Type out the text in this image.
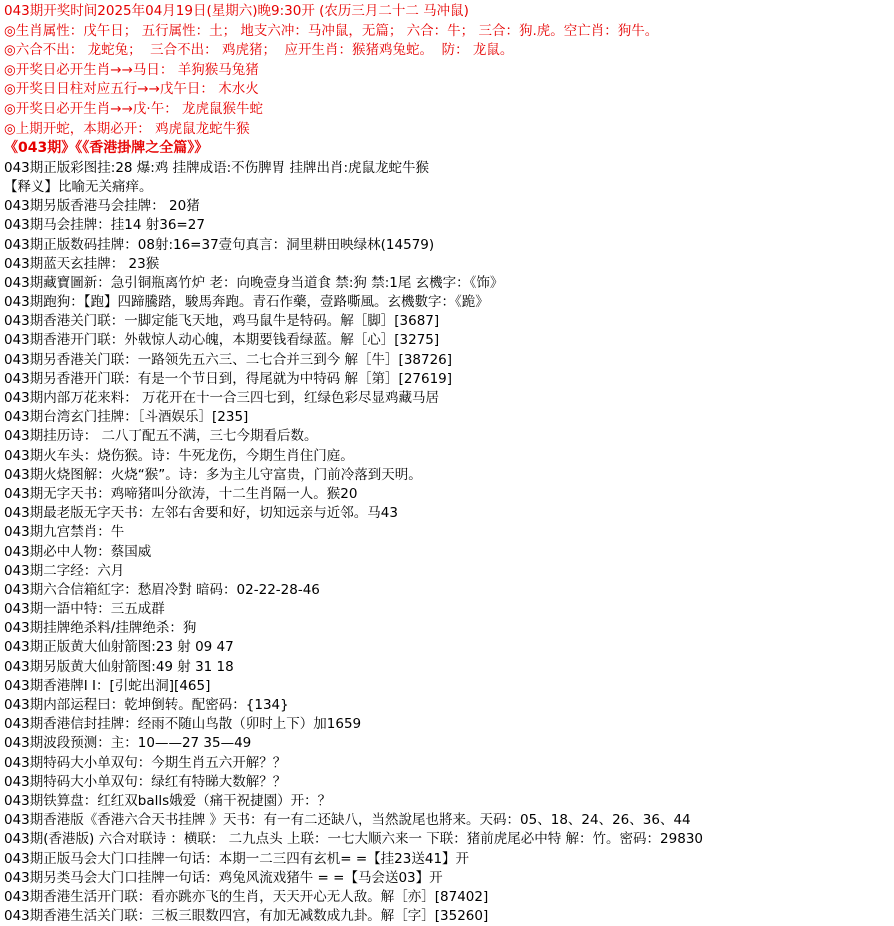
043期开奖时间2025年04月19日(星期六)晚9:30开 (农历三月二十二 马冲鼠)
◎生肖属性：戊午日； 五行属性：土； 地支六冲：马冲鼠，无篇； 六合：牛； 三合：狗.虎。空亡肖：狗牛。
◎六合不出： 龙蛇兔；  三合不出： 鸡虎猪；  应开生肖：猴猪鸡兔蛇。  防： 龙鼠。
◎开奖日必开生肖→→马日： 羊狗猴马兔猪
◎开奖日日柱对应五行→→戊午日： 木水火
◎开奖日必开生肖→→戊·午： 龙虎鼠猴牛蛇
◎上期开蛇，本期必开： 鸡虎鼠龙蛇牛猴
《043期》《《香港掛牌之全篇》》
043期正版彩图挂:28 爆:鸡 挂牌成语:不伤脾胃 挂牌出肖:虎鼠龙蛇牛猴
【释义】比喻无关痛痒。
043期另版香港马会挂牌： 20猪
043期马会挂牌：挂14 射36=27
043期正版数码挂牌：08射:16=37壹句真言：洞里耕田映绿林(14579)
043期蓝天玄挂牌： 23猴
043期藏寶圖新：急引铜瓶离竹炉 老：向晚壹身当道食 禁:狗 禁:1尾 玄機字：《饰》
043期跑狗：【跑】四蹄騰踏，駿馬奔跑。青石作藥，壹路嘶風。玄機數字：《跪》
043期香港关门联：一脚定能飞天地，鸡马鼠牛是特码。解［脚］[3687]
043期香港开门联：外戟惊人动心魄，本期要钱看绿蓝。解［心］[3275]
043期另香港关门联：一路领先五六三、二七合并三到今 解［牛］[38726]
043期另香港开门联：有是一个节日到，得尾就为中特码 解［第］[27619]
043期内部万花来料： 万花开在十一合三四七到，红绿色彩尽显鸡藏马居
043期台湾玄门挂牌：［斗酒娱乐］[235]
043期挂历诗： 二八丁配五不满，三七今期看后数。
043期火车头：烧伤猴。诗：牛死龙伤，今期生肖住门庭。
043期火烧图解：火烧“猴”。诗：多为主儿守富贵，门前冷落到天明。
043期无字天书：鸡啼猪叫分欲涛，十二生肖隔一人。猴20
043期最老版无字天书：左邻右舍要和好，切知远亲与近邻。马43
043期九宫禁肖：牛
043期必中人物：蔡国威
043期二字经：六月
043期六合信箱紅字：愁眉冷對 暗码：02-22-28-46
043期一語中特：三五成群
043期挂牌绝杀料/挂牌绝杀：狗
043期正版黄大仙射箭图:23 射 09 47
043期另版黄大仙射箭图:49 射 31 18
043期香港牌I I：[引蛇出洞][465]
043期内部运程曰：乾坤倒转。配密码：{134}
043期香港信封挂牌：经雨不随山鸟散（卯时上下）加1659
043期波段预测：主：10——27 35—49
043期特码大小单双句：今期生肖五六开解？？
043期特码大小单双句：绿红有特睇大数解？？
043期铁算盘：红红双balls娥爱（痛干祝捷園）开：？
043期香港版《香港六合天书挂牌 》天书：有一有二还缺八，当然說尾也將来。天码：05、18、24、26、36、44
043期(香港版) 六合对联诗 ：横联： 二九点头 上联：一七大顺六来一 下联：猪前虎尾必中特 解：竹。密码：29830
043期正版马会大门口挂牌一句话：本期一二三四有玄机= =【挂23送41】开
043期另类马会大门口挂牌一句话：鸡兔风流戏猪牛 = =【马会送03】开
043期香港生活开门联：看亦跳亦飞的生肖，天天开心无人敌。解［亦］[87402]
043期香港生活关门联：三板三眼数四宫，有加无减数成九卦。解［字］[35260]
